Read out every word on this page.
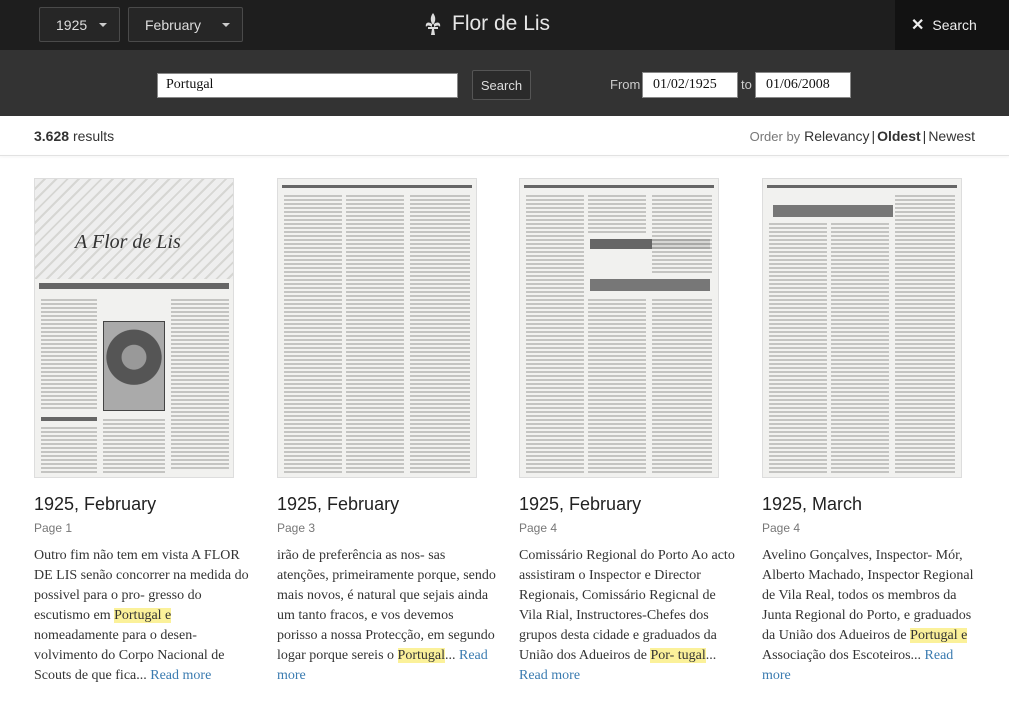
1925	February	Flor de Lis	✕ Search
Portugal	Search	From 01/02/1925	to	01/06/2008
3.628 results	Order by Relevancy | Oldest | Newest
A Flor de Lis
1925, February
Page 1
Outro fim não tem em vista A FLOR DE LIS senão concorrer na medida do possivel para o pro- gresso do escutismo em Portugal e nomeadamente para o desen- volvimento do Corpo Nacional de Scouts de que fica... Read more
1925, February
Page 3
irão de preferência as nos- sas atenções, primeiramente porque, sendo mais novos, é natural que sejais ainda um tanto fracos, e vos devemos porisso a nossa Protecção, em segundo logar porque sereis o Portugal... Read more
1925, February
Page 4
Comissário Regional do Porto Ao acto assistiram o Inspector e Director Regionais, Comissário Regicnal de Vila Rial, Instructores-Chefes dos grupos desta cidade e graduados da União dos Adueiros de Por- tugal... Read more
1925, March
Page 4
Avelino Gonçalves, Inspector- Mór, Alberto Machado, Inspector Regional de Vila Real, todos os membros da Junta Regional do Porto, e graduados da União dos Adueiros de Portugal e Associação dos Escoteiros... Read more
